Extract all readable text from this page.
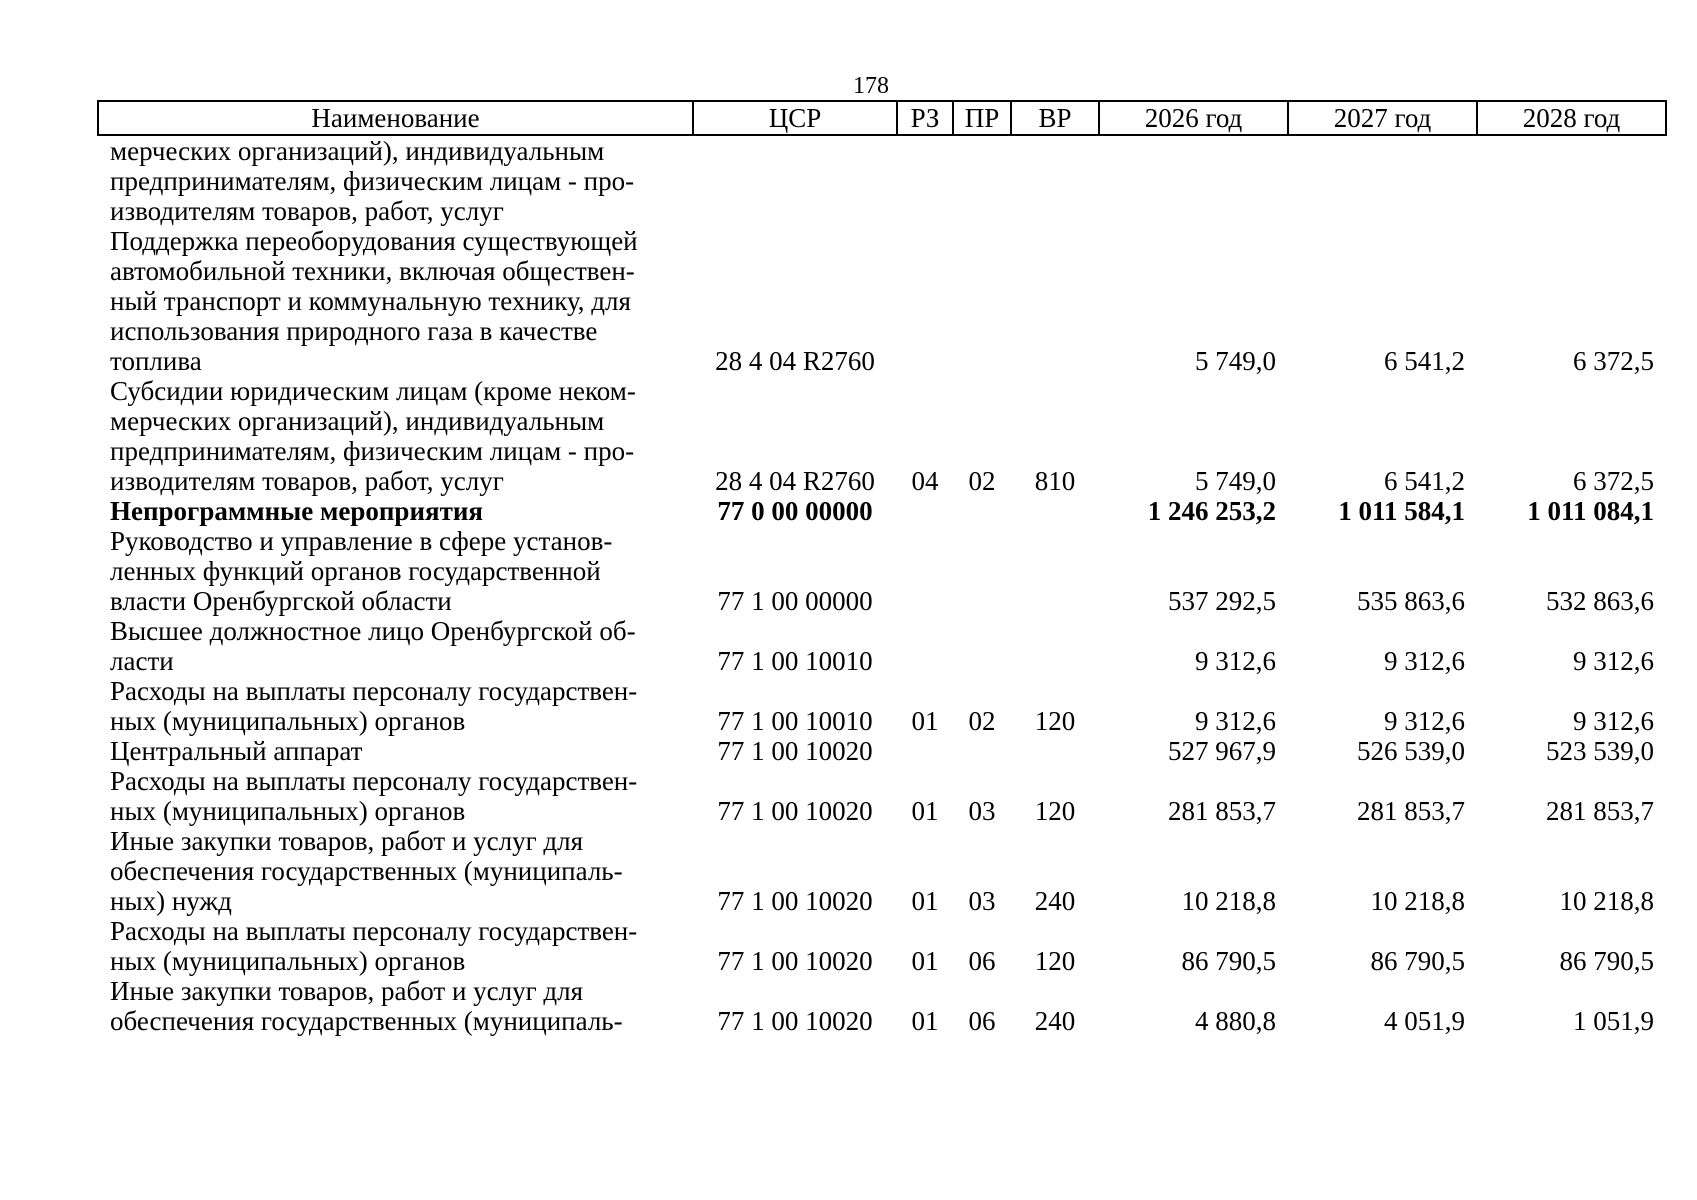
178
Наименование	ЦСР	РЗ	ПР	ВР	2026 год	2027 год	2028 год
мерческих организаций), индивидуальным
предпринимателям, физическим лицам - про-
изводителям товаров, работ, услуг							
Поддержка переоборудования существующей
автомобильной техники, включая обществен-
ный транспорт и коммунальную технику, для
использования природного газа в качестве
топлива	28 4 04 R2760				5 749,0	6 541,2	6 372,5
Субсидии юридическим лицам (кроме неком-
мерческих организаций), индивидуальным
предпринимателям, физическим лицам - про-
изводителям товаров, работ, услуг	28 4 04 R2760	04	02	810	5 749,0	6 541,2	6 372,5
Непрограммные мероприятия	77 0 00 00000				1 246 253,2	1 011 584,1	1 011 084,1
Руководство и управление в сфере установ-
ленных функций органов государственной
власти Оренбургской области	77 1 00 00000				537 292,5	535 863,6	532 863,6
Высшее должностное лицо Оренбургской об-
ласти	77 1 00 10010				9 312,6	9 312,6	9 312,6
Расходы на выплаты персоналу государствен-
ных (муниципальных) органов	77 1 00 10010	01	02	120	9 312,6	9 312,6	9 312,6
Центральный аппарат	77 1 00 10020				527 967,9	526 539,0	523 539,0
Расходы на выплаты персоналу государствен-
ных (муниципальных) органов	77 1 00 10020	01	03	120	281 853,7	281 853,7	281 853,7
Иные закупки товаров, работ и услуг для
обеспечения государственных (муниципаль-
ных) нужд	77 1 00 10020	01	03	240	10 218,8	10 218,8	10 218,8
Расходы на выплаты персоналу государствен-
ных (муниципальных) органов	77 1 00 10020	01	06	120	86 790,5	86 790,5	86 790,5
Иные закупки товаров, работ и услуг для
обеспечения государственных (муниципаль-	77 1 00 10020	01	06	240	4 880,8	4 051,9	1 051,9
